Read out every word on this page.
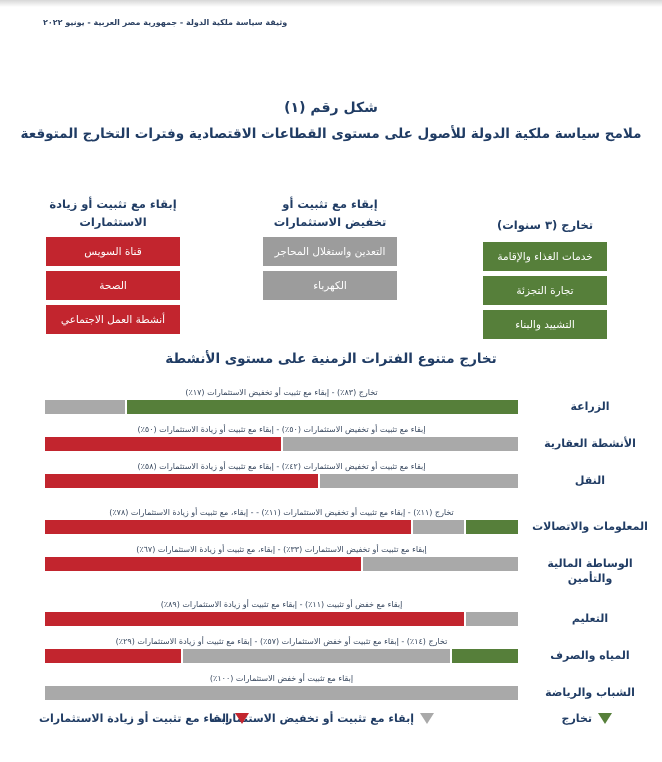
وثيقة سياسة ملكية الدولة - جمهورية مصر العربية - يونيو ٢٠٢٢
شكل رقم (١)
ملامح سياسة ملكية الدولة للأصول على مستوى القطاعات الاقتصادية وفترات التخارج المتوقعة
إبقاء مع تثبيت أو زيادة الاستثمارات
قناة السويس
الصحة
أنشطة العمل الاجتماعي
إبقاء مع تثبيت أو تخفيض الاستثمارات
التعدين واستغلال المحاجر
الكهرباء
تخارج (٣ سنوات)
خدمات الغذاء والإقامة
تجارة التجزئة
التشييد والبناء
تخارج متنوع الفترات الزمنية على مستوى الأنشطة
تخارج (٨٣٪) - إبقاء مع تثبيت أو تخفيض الاستثمارات (١٧٪)
الزراعة
إبقاء مع تثبيت أو تخفيض الاستثمارات (٥٠٪) - إبقاء مع تثبيت أو زيادة الاستثمارات (٥٠٪)
الأنشطة العقارية
إبقاء مع تثبيت أو تخفيض الاستثمارات (٤٢٪) - إبقاء مع تثبيت أو زيادة الاستثمارات (٥٨٪)
النقل
تخارج (١١٪) - إبقاء مع تثبيت أو تخفيض الاستثمارات (١١٪) - - إبقاء، مع تثبيت أو زيادة الاستثمارات (٧٨٪)
المعلومات والاتصالات
إبقاء مع تثبيت أو تخفيض الاستثمارات (٣٣٪) - إبقاء، مع تثبيت أو زيادة الاستثمارات (٦٧٪)
الوساطة المالية والتأمين
إبقاء مع خفض أو تثبيت (١١٪) - إبقاء مع تثبيت أو زيادة الاستثمارات (٨٩٪)
التعليم
تخارج (١٤٪) - إبقاء مع تثبيت أو خفض الاستثمارات (٥٧٪) - إبقاء مع تثبيت أو زيادة الاستثمارات (٢٩٪)
المياه والصرف
إبقاء مع تثبيت أو خفض الاستثمارات (١٠٠٪)
الشباب والرياضة
تخارج
إبقاء مع تثبيت أو تخفيض الاستثمارات
إبقاء مع تثبيت أو زيادة الاستثمارات
